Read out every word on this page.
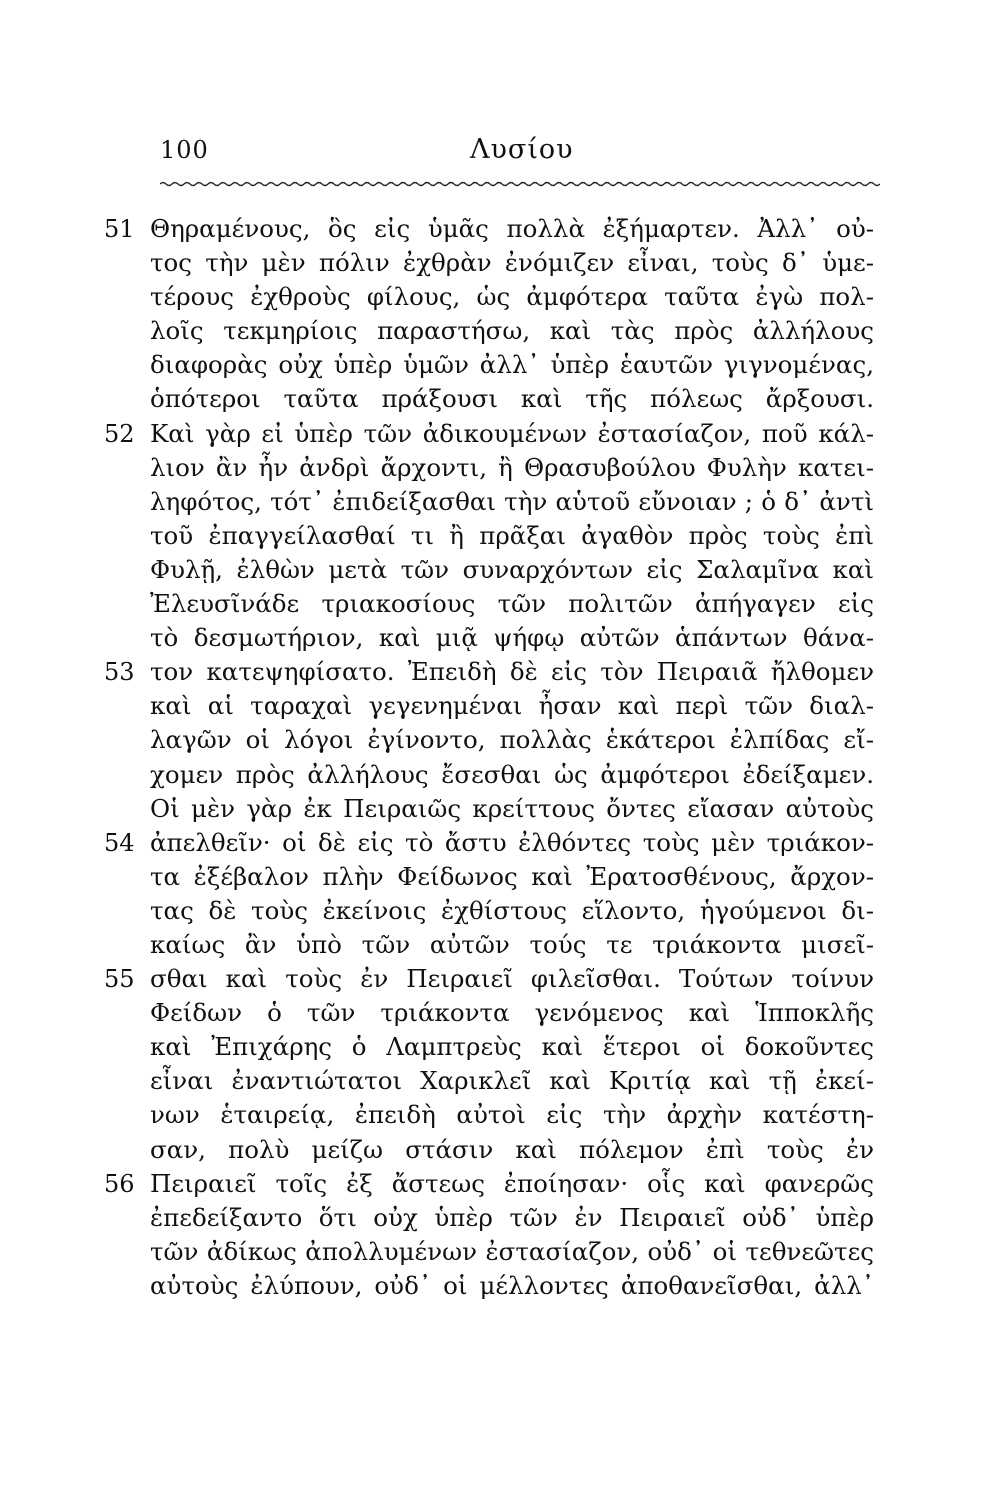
100	Λυσίου
51 Θηραμένους, ὃς εἰς ὑμᾶς πολλὰ ἐξήμαρτεν. Ἀλλ᾽ οὐ-
τος τὴν μὲν πόλιν ἐχθρὰν ἐνόμιζεν εἶναι, τοὺς δ᾽ ὑμε-
τέρους ἐχθροὺς φίλους, ὡς ἀμφότερα ταῦτα ἐγὼ πολ-
λοῖς τεκμηρίοις παραστήσω, καὶ τὰς πρὸς ἀλλήλους
διαφορὰς οὐχ ὑπὲρ ὑμῶν ἀλλ᾽ ὑπὲρ ἑαυτῶν γιγνομένας,
ὁπότεροι ταῦτα πράξουσι καὶ τῆς πόλεως ἄρξουσι.
52 Καὶ γὰρ εἰ ὑπὲρ τῶν ἀδικουμένων ἐστασίαζον, ποῦ κάλ-
λιον ἂν ἦν ἀνδρὶ ἄρχοντι, ἢ Θρασυβούλου Φυλὴν κατει-
ληφότος, τότ᾽ ἐπιδείξασθαι τὴν αὑτοῦ εὔνοιαν ; ὁ δ᾽ ἀντὶ
τοῦ ἐπαγγείλασθαί τι ἢ πρᾶξαι ἀγαθὸν πρὸς τοὺς ἐπὶ
Φυλῇ, ἐλθὼν μετὰ τῶν συναρχόντων εἰς Σαλαμῖνα καὶ
Ἐλευσῖνάδε τριακοσίους τῶν πολιτῶν ἀπήγαγεν εἰς
τὸ δεσμωτήριον, καὶ μιᾷ ψήφῳ αὐτῶν ἁπάντων θάνα-
53 τον κατεψηφίσατο. Ἐπειδὴ δὲ εἰς τὸν Πειραιᾶ ἤλθομεν
καὶ αἱ ταραχαὶ γεγενημέναι ἦσαν καὶ περὶ τῶν διαλ-
λαγῶν οἱ λόγοι ἐγίνοντο, πολλὰς ἑκάτεροι ἐλπίδας εἴ-
χομεν πρὸς ἀλλήλους ἔσεσθαι ὡς ἀμφότεροι ἐδείξαμεν.
Οἱ μὲν γὰρ ἐκ Πειραιῶς κρείττους ὄντες εἴασαν αὐτοὺς
54 ἀπελθεῖν· οἱ δὲ εἰς τὸ ἄστυ ἐλθόντες τοὺς μὲν τριάκον-
τα ἐξέβαλον πλὴν Φείδωνος καὶ Ἐρατοσθένους, ἄρχον-
τας δὲ τοὺς ἐκείνοις ἐχθίστους εἵλοντο, ἡγούμενοι δι-
καίως ἂν ὑπὸ τῶν αὐτῶν τούς τε τριάκοντα μισεῖ-
55 σθαι καὶ τοὺς ἐν Πειραιεῖ φιλεῖσθαι. Τούτων τοίνυν
Φείδων ὁ τῶν τριάκοντα γενόμενος καὶ Ἱπποκλῆς
καὶ Ἐπιχάρης ὁ Λαμπτρεὺς καὶ ἕτεροι οἱ δοκοῦντες
εἶναι ἐναντιώτατοι Χαρικλεῖ καὶ Κριτίᾳ καὶ τῇ ἐκεί-
νων ἑταιρείᾳ, ἐπειδὴ αὐτοὶ εἰς τὴν ἀρχὴν κατέστη-
σαν, πολὺ μείζω στάσιν καὶ πόλεμον ἐπὶ τοὺς ἐν
56 Πειραιεῖ τοῖς ἐξ ἄστεως ἐποίησαν· οἷς καὶ φανερῶς
ἐπεδείξαντο ὅτι οὐχ ὑπὲρ τῶν ἐν Πειραιεῖ οὐδ᾽ ὑπὲρ
τῶν ἀδίκως ἀπολλυμένων ἐστασίαζον, οὐδ᾽ οἱ τεθνεῶτες
αὐτοὺς ἐλύπουν, οὐδ᾽ οἱ μέλλοντες ἀποθανεῖσθαι, ἀλλ᾽
